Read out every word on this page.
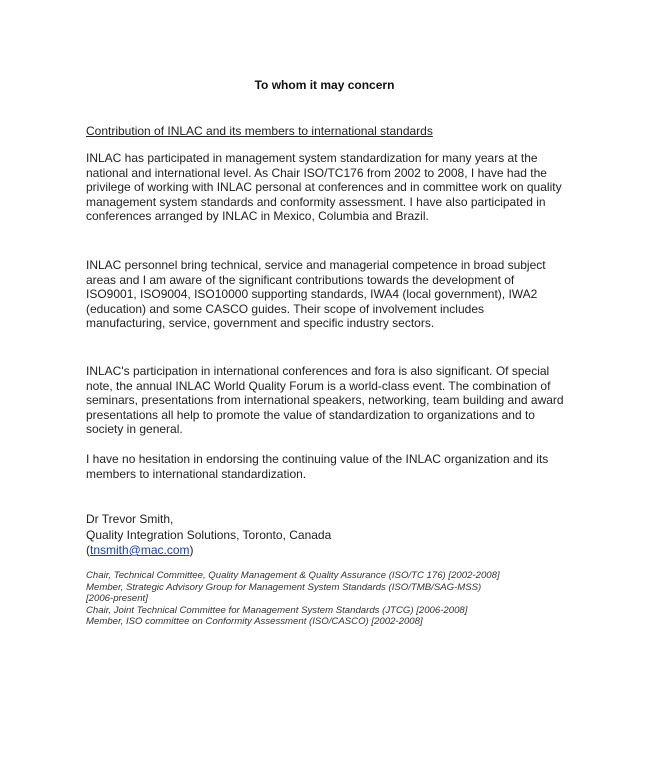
To whom it may concern
Contribution of INLAC and its members to international standards

INLAC has participated in management system standardization for many years at the national and international level. As Chair ISO/TC176 from 2002 to 2008, I have had the privilege of working with INLAC personal at conferences and in committee work on quality management system standards and conformity assessment. I have also participated in conferences arranged by INLAC in Mexico, Columbia and Brazil.

INLAC personnel bring technical, service and managerial competence in broad subject areas and I am aware of the significant contributions towards the development of ISO9001, ISO9004, ISO10000 supporting standards, IWA4 (local government), IWA2 (education) and some CASCO guides. Their scope of involvement includes manufacturing, service, government and specific industry sectors.

INLAC's participation in international conferences and fora is also significant. Of special note, the annual INLAC World Quality Forum is a world-class event. The combination of seminars, presentations from international speakers, networking, team building and award presentations all help to promote the value of standardization to organizations and to society in general.

I have no hesitation in endorsing the continuing value of the INLAC organization and its members to international standardization.

Dr Trevor Smith,
Quality Integration Solutions, Toronto, Canada
(tnsmith@mac.com)
Chair, Technical Committee, Quality Management & Quality Assurance (ISO/TC 176) [2002-2008]
Member, Strategic Advisory Group for Management System Standards (ISO/TMB/SAG-MSS)
[2006-present]
Chair, Joint Technical Committee for Management System Standards (JTCG) [2006-2008]
Member, ISO committee on Conformity Assessment (ISO/CASCO) [2002-2008]
